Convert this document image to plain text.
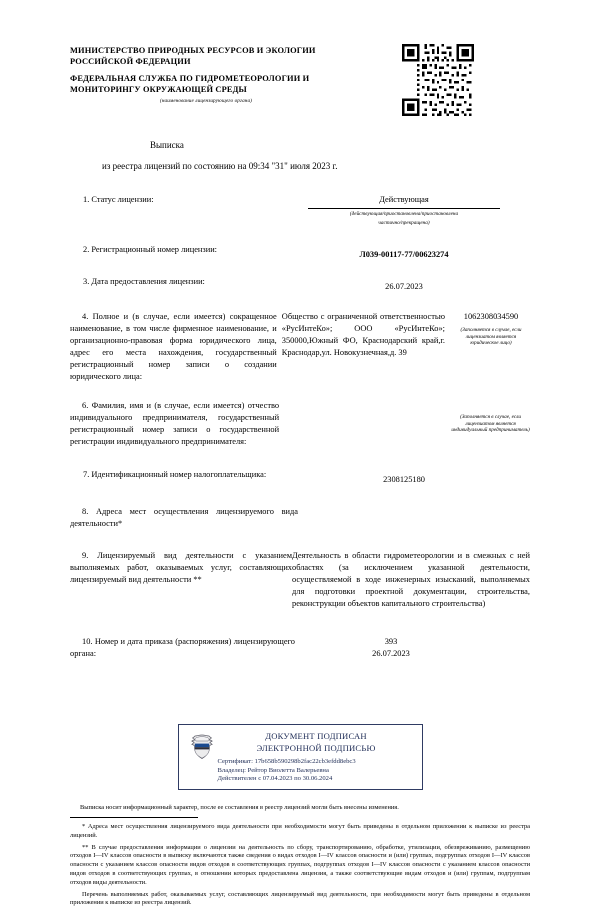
МИНИСТЕРСТВО ПРИРОДНЫХ РЕСУРСОВ И ЭКОЛОГИИ
РОССИЙСКОЙ ФЕДЕРАЦИИ
ФЕДЕРАЛЬНАЯ СЛУЖБА ПО ГИДРОМЕТЕОРОЛОГИИ И
МОНИТОРИНГУ ОКРУЖАЮЩЕЙ СРЕДЫ
(наименование лицензирующего органа)
Выписка
из реестра лицензий по состоянию на 09:34 "31" июля 2023 г.
1. Статус лицензии:	Действующая
(действующая/приостановлена/приостановлена
частично/прекращена)
2. Регистрационный номер лицензии:
Л039-00117-77/00623274
3. Дата предоставления лицензии:
26.07.2023
4. Полное и (в случае, если имеется) сокращенное наименование, в том числе фирменное наименование, и организационно-правовая форма юридического лица, адрес его места нахождения, государственный регистрационный номер записи о создании юридического лица:
Общество с ограниченной ответственностью «РусИнтеКо»; ООО «РусИнтеКо»; 350000,Южный ФО, Краснодарский край,г. Краснодар,ул. Новокузнечная,д. 39
1062308034590
(Заполняется в случае, если лицензиатом является юридическое лицо)
6. Фамилия, имя и (в случае, если имеется) отчество индивидуального предпринимателя, государственный регистрационный номер записи о государственной регистрации индивидуального предпринимателя:
(Заполняется в случае, если лицензиатом является индивидуальный предприниматель)
7. Идентификационный номер налогоплательщика:
2308125180
8. Адреса мест осуществления лицензируемого вида деятельности*
9. Лицензируемый вид деятельности с указанием выполняемых работ, оказываемых услуг, составляющих лицензируемый вид деятельности **
Деятельность в области гидрометеорологии и в смежных с ней областях (за исключением указанной деятельности, осуществляемой в ходе инженерных изысканий, выполняемых для подготовки проектной документации, строительства, реконструкции объектов капитального строительства)
10. Номер и дата приказа (распоряжения) лицензирующего органа:
393
26.07.2023
ДОКУМЕНТ ПОДПИСАН
ЭЛЕКТРОННОЙ ПОДПИСЬЮ
Сертификат: 17b658b590298b2fac22cb3efdd8ebc3
Владелец: Рейтор Виолетта Валерьевна
Действителен с 07.04.2023 по 30.06.2024
Выписка носит информационный характер, после ее составления в реестр лицензий могли быть внесены изменения.
* Адреса мест осуществления лицензируемого вида деятельности при необходимости могут быть приведены в отдельном приложении к выписке из реестра лицензий.
** В случае предоставления информации о лицензии на деятельность по сбору, транспортированию, обработке, утилизации, обезвреживанию, размещению отходов I—IV классов опасности в выписку включаются также сведения о видах отходов I—IV классов опасности и (или) группах, подгруппах отходов I—IV классов опасности с указанием классов опасности видов отходов в соответствующих группах, подгруппах отходов I—IV классов опасности с указанием классов опасности видов отходов в соответствующих группах, в отношении которых предоставлена лицензия, а также соответствующие видам отходов и (или) группам, подгруппам отходов виды деятельности.
Перечень выполняемых работ, оказываемых услуг, составляющих лицензируемый вид деятельности, при необходимости могут быть приведены в отдельном приложении к выписке из реестра лицензий.
